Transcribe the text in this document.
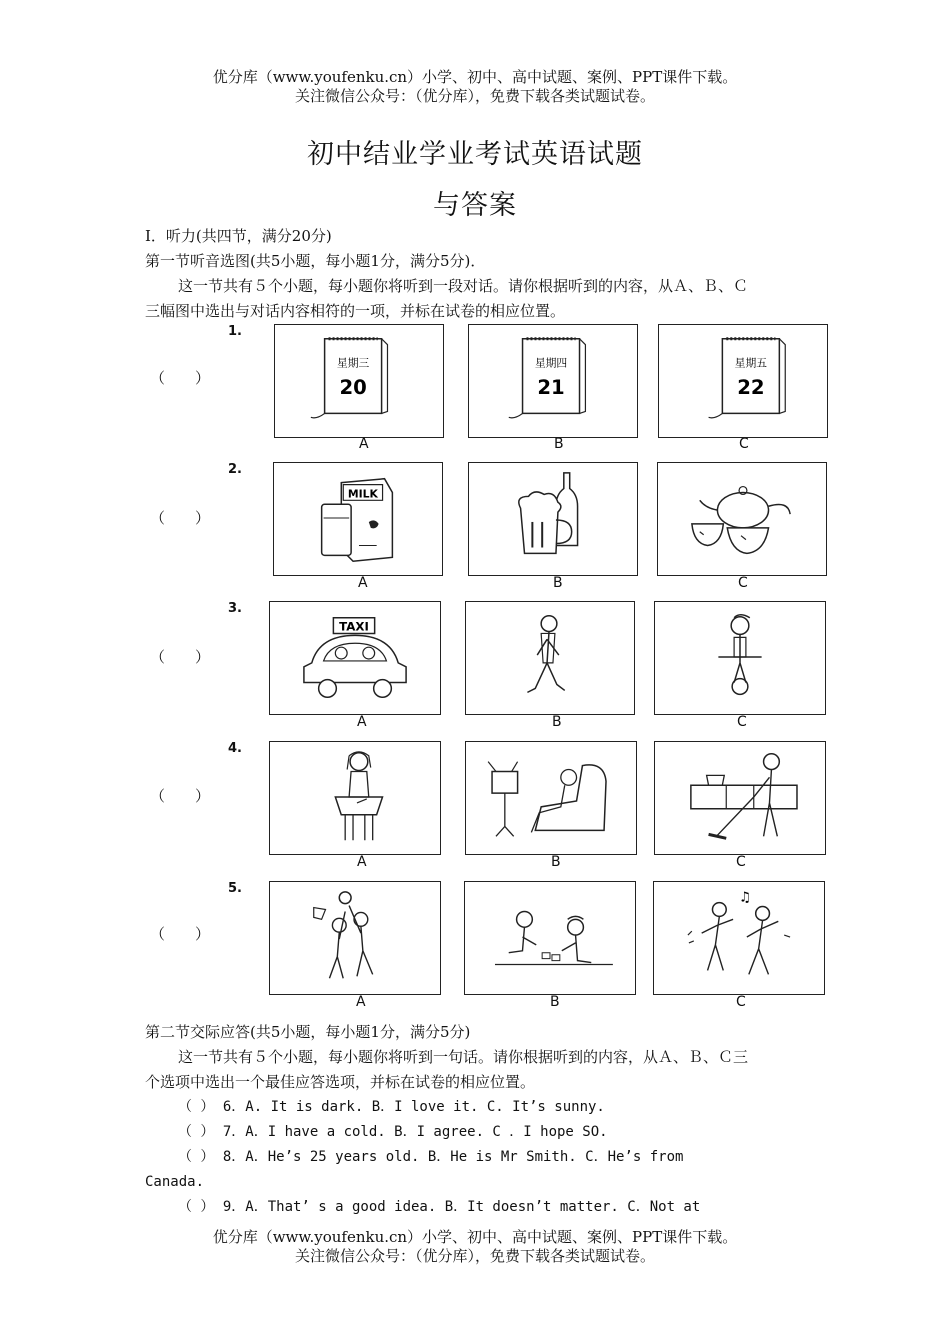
优分库（www.youfenku.cn）小学、初中、高中试题、案例、PPT课件下载。
关注微信公众号：（优分库），免费下载各类试题试卷。
初中结业学业考试英语试题
与答案
I．听力(共四节，满分20分)
第一节听音选图(共5小题，每小题1分，满分5分)．
这一节共有５个小题，每小题你将听到一段对话。请你根据听到的内容，从Ａ、Ｂ、Ｃ
三幅图中选出与对话内容相符的一项，并标在试卷的相应位置。
1.
（　　）
星期三
20
星期四
21
星期五
22
A	B	C
2.
（　　）
MILK
A	B	C
3.
（　　）
TAXI
A	B	C
4.
（　　）
A	B	C
5.
（　　）
♫
A	B	C
第二节交际应答(共5小题，每小题1分，满分5分)
这一节共有５个小题，每小题你将听到一句话。请你根据听到的内容，从Ａ、Ｂ、Ｃ三
个选项中选出一个最佳应答选项，并标在试卷的相应位置。
（ ） 6．A. It is dark. B．I love it. C. It’s sunny.
（ ） 7．A．I have a cold. B．I agree. C ．I hope SO.
（ ） 8．A．He’s 25 years old. B．He is Mr Smith. C．He’s from
Canada.
（ ） 9．A．That’ s a good idea. B．It doesn’t matter. C．Not at
优分库（www.youfenku.cn）小学、初中、高中试题、案例、PPT课件下载。
关注微信公众号：（优分库），免费下载各类试题试卷。
